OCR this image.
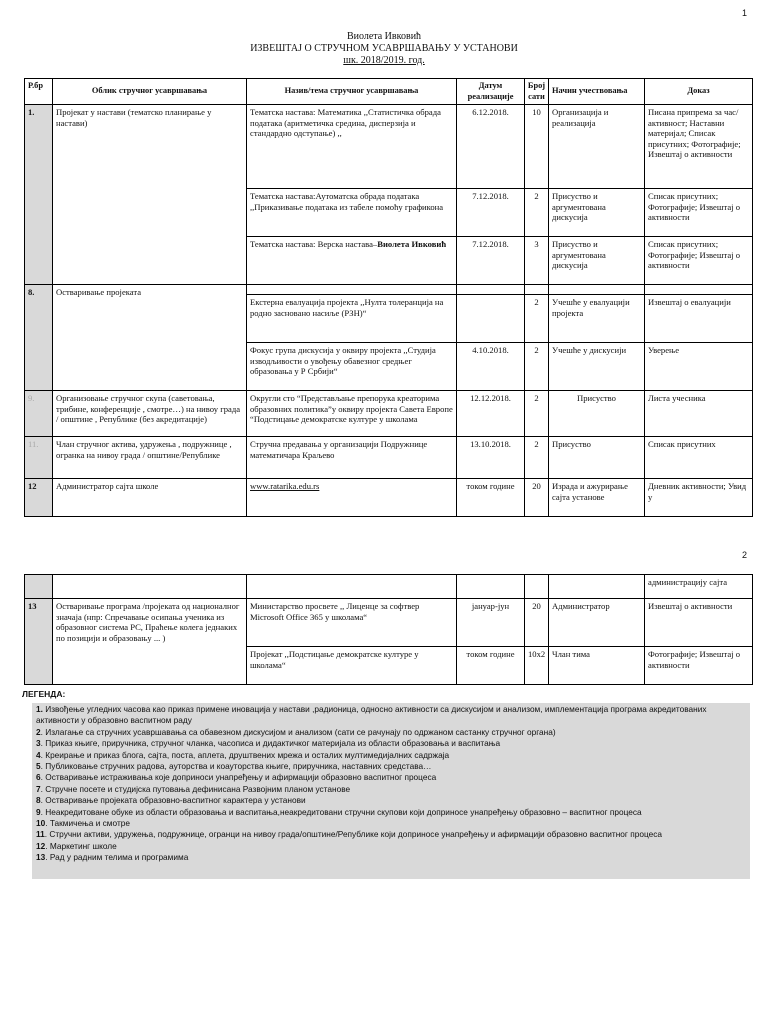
1
Виолета Ивковић
ИЗВЕШТАЈ О СТРУЧНОМ УСАВРШАВАЊУ У УСТАНОВИ
шк. 2018/2019. год.
Р.бр	Облик стручног усавршавања	Назив/тема стручног усавршавања	Датум реализације	Број сати	Начин учествовања	Доказ
1.	Пројекат у настави (тематско планирање у настави)	Тематска настава: Математика ,,Статистичка обрада података (аритметичка средина, дисперзија и стандардно одступање) ,,	6.12.2018.	10	Организација и реализација	Писана припрема за час/ активност; Наставни материјал; Списак присутних; Фотографије; Извештај о активности
		Тематска настава:Аутоматска обрада података ,,Приказивање података из табеле помоћу графикона	7.12.2018.	2	Присуство и аргументована дискусија	Списак присутних; Фотографије; Извештај о активности
		Тематска настава: Верска настава–Виолета Ивковић	7.12.2018.	3	Присуство и аргументована дискусија	Списак присутних; Фотографије; Извештај о активности
8.	Остваривање пројеката					
		Екстерна евалуација пројекта ,,Нулта толеранција на родно засновано насиље (РЗН)“		2	Учешће у евалуацији пројекта	Извештај о евалуацији
		Фокус група дискусија у оквиру пројекта ,,Студија изводљивости о увођењу обавезног средњег образовања у Р Србији“	4.10.2018.	2	Учешће у дискусији	Уверење
9.	Организовање стручног скупа (саветовања, трибине, конференције , смотре…) на нивоу града / општине , Републике (без акредитације)	Округли сто “Представљање препорука креаторима образовних политика”у оквиру пројекта Савета Европе “Подстицање демократске културе у школама	12.12.2018.	2	Присуство	Листа учесника
11.	Члан стручног актива, удружења , подружнице , огранка на нивоу града / општине/Републике	Стручна предавања у организацији Подружнице математичара Краљево	13.10.2018.	2	Присуство	Списак присутних
12	Администратор сајта школе	www.ratarika.edu.rs	током године	20	Израда и ажурирање сајта установе	Дневник активности; Увид у
2
						администрацију сајта
13	Остваривање програма /пројеката од националног значаја (нпр: Спречавање осипања ученика из образовног система РС, Праћење колега једнаких по позицији и образовању ... )	Министарство просвете ,, Лиценце за софтвер Microsoft Office 365 у школама“	јануар-јун	20	Администратор	Извештај о активности
		Пројекат ,,Подстицање демократске културе у школама“	током године	10x2	Члан тима	Фотографије; Извештај о активности
ЛЕГЕНДА:
1. Извођење угледних часова као приказ примене иновација у настави ,радионица, односно активности са дискусијом и анализом, имплементација програма акредитованих активности у образовно васпитном раду
2. Излагање са стручних усавршавања са обавезном дискусијом и анализом (сати се рачунају по одржаном састанку стручног органа)
3. Приказ књиге, приручника, стручног чланка, часописа и дидактичког материјала из области образовања и васпитања
4. Креирање и приказ блога, сајта, поста, аплета, друштвених мрежа и осталих мултимедијалних садржаја
5. Публиковање стручних радова, ауторства и коауторства књиге, приручника, наставних средстава…
6. Остваривање истраживања које доприноси унапређењу и афирмацији образовно васпитног процеса
7. Стручне посете и студијска путовања дефинисана Развојним планом установе
8. Остваривање пројеката образовно-васпитног карактера у установи
9. Неакредитоване обуке из области образовања и васпитања,неакредитовани стручни скупови који доприносе унапређењу образовно – васпитног процеса
10. Такмичења и смотре
11. Стручни активи, удружења, подружнице, огранци на нивоу града/општине/Републике који доприносе унапређењу и афирмацији образовно васпитног процеса
12. Маркетинг школе
13. Рад у радним телима и програмима
